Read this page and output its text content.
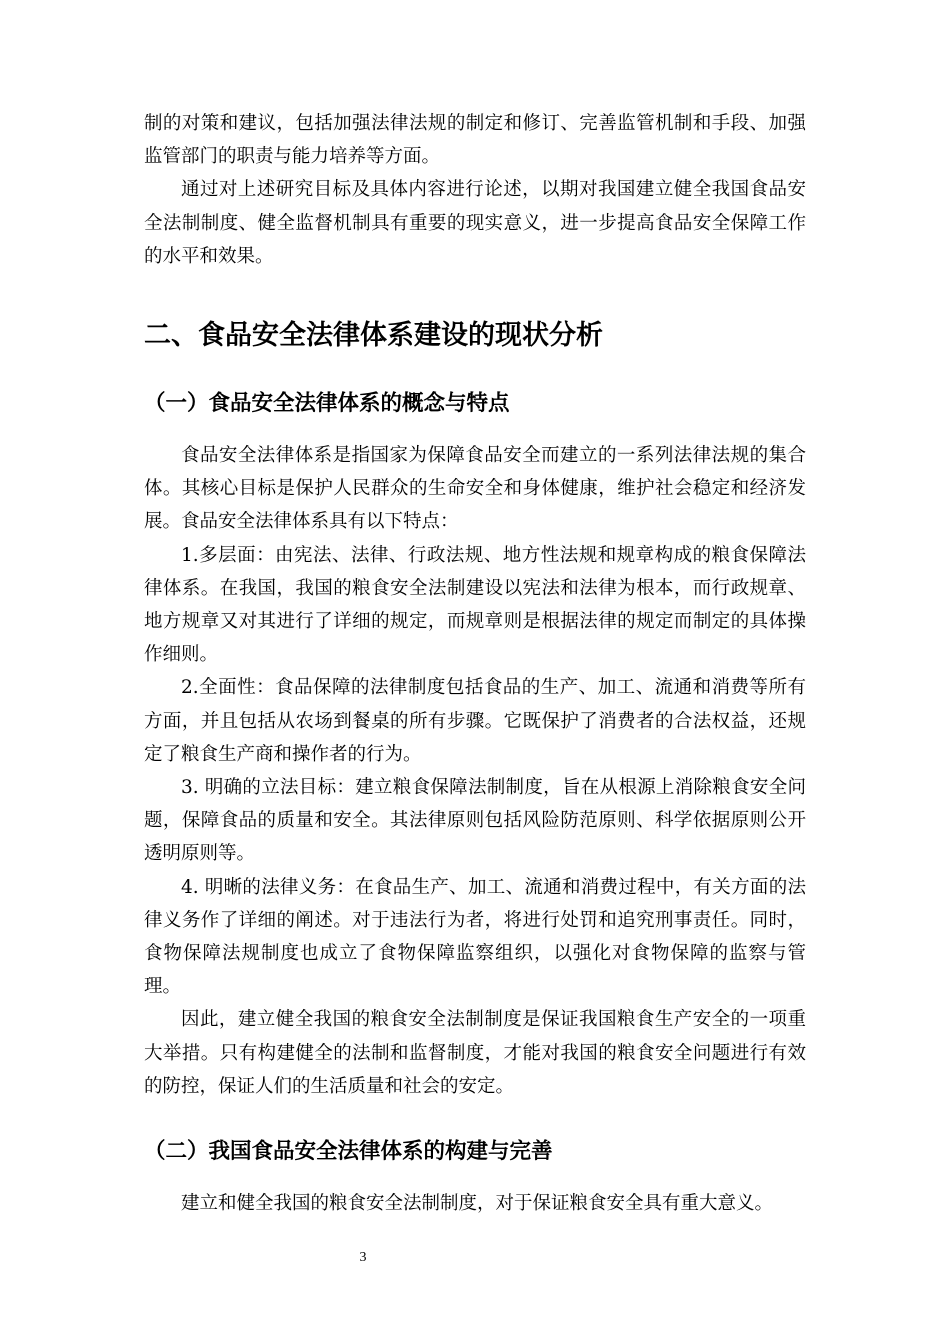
制的对策和建议，包括加强法律法规的制定和修订、完善监管机制和手段、加强监管部门的职责与能力培养等方面。

通过对上述研究目标及具体内容进行论述，以期对我国建立健全我国食品安全法制制度、健全监督机制具有重要的现实意义，进一步提高食品安全保障工作的水平和效果。

二、食品安全法律体系建设的现状分析
（一）食品安全法律体系的概念与特点

食品安全法律体系是指国家为保障食品安全而建立的一系列法律法规的集合体。其核心目标是保护人民群众的生命安全和身体健康，维护社会稳定和经济发展。食品安全法律体系具有以下特点：

1.多层面：由宪法、法律、行政法规、地方性法规和规章构成的粮食保障法律体系。在我国，我国的粮食安全法制建设以宪法和法律为根本，而行政规章、地方规章又对其进行了详细的规定，而规章则是根据法律的规定而制定的具体操作细则。

2.全面性：食品保障的法律制度包括食品的生产、加工、流通和消费等所有方面，并且包括从农场到餐桌的所有步骤。它既保护了消费者的合法权益，还规定了粮食生产商和操作者的行为。

3. 明确的立法目标：建立粮食保障法制制度，旨在从根源上消除粮食安全问题，保障食品的质量和安全。其法律原则包括风险防范原则、科学依据原则公开透明原则等。

4. 明晰的法律义务：在食品生产、加工、流通和消费过程中，有关方面的法律义务作了详细的阐述。对于违法行为者，将进行处罚和追究刑事责任。同时，食物保障法规制度也成立了食物保障监察组织，以强化对食物保障的监察与管理。

因此，建立健全我国的粮食安全法制制度是保证我国粮食生产安全的一项重大举措。只有构建健全的法制和监督制度，才能对我国的粮食安全问题进行有效的防控，保证人们的生活质量和社会的安定。

（二）我国食品安全法律体系的构建与完善

建立和健全我国的粮食安全法制制度，对于保证粮食安全具有重大意义。

3
